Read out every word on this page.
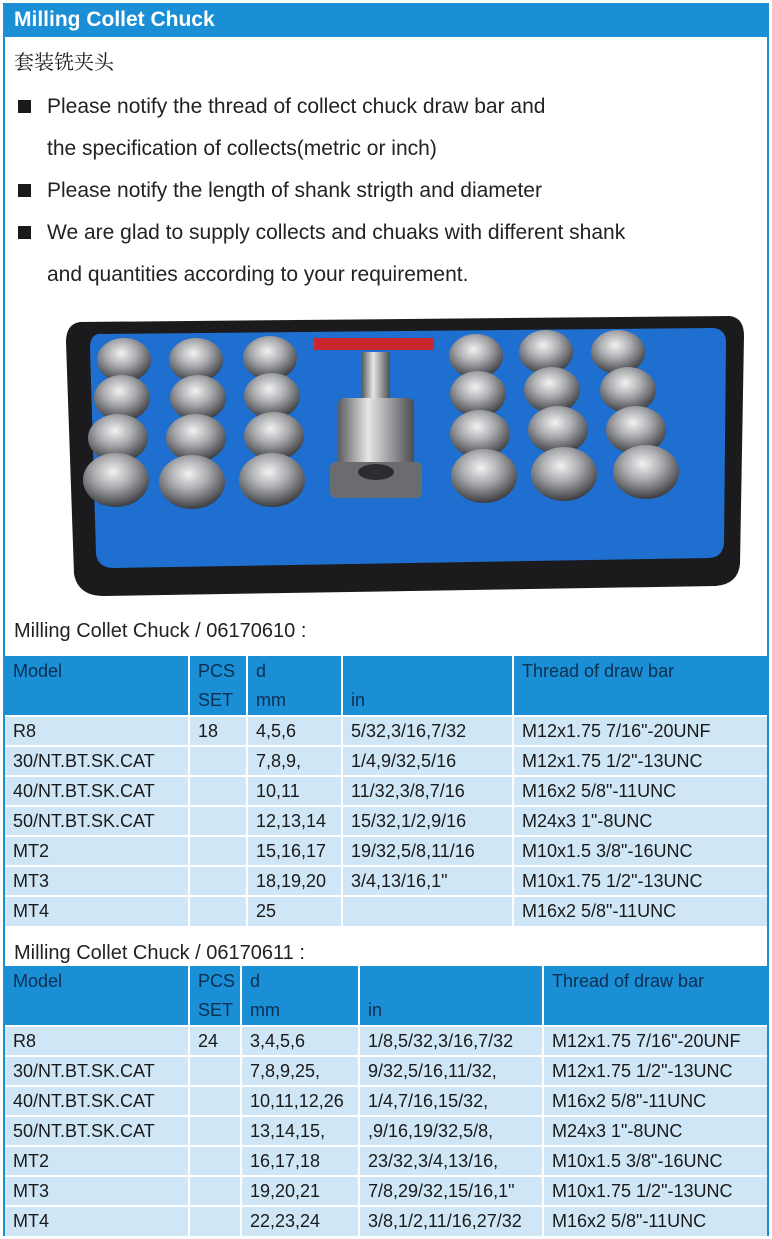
Milling Collet Chuck
套装铣夹头
Please notify the thread of collect chuck draw bar and
the specification of collects(metric or inch)
Please notify the length of shank strigth and diameter
We are glad to supply collects and chuaks with different shank
and quantities according to your requirement.
Milling Collet Chuck / 06170610 :
Model	PCS	d		Thread of draw bar
	SET	mm	in	
R8	18	4,5,6	5/32,3/16,7/32	M12x1.75 7/16"-20UNF
30/NT.BT.SK.CAT		7,8,9,	1/4,9/32,5/16	M12x1.75 1/2"-13UNC
40/NT.BT.SK.CAT		10,11	11/32,3/8,7/16	M16x2 5/8"-11UNC
50/NT.BT.SK.CAT		12,13,14	15/32,1/2,9/16	M24x3 1"-8UNC
MT2		15,16,17	19/32,5/8,11/16	M10x1.5 3/8"-16UNC
MT3		18,19,20	3/4,13/16,1"	M10x1.75 1/2"-13UNC
MT4		25		M16x2 5/8"-11UNC
Milling Collet Chuck / 06170611 :
Model	PCS	d		Thread of draw bar
	SET	mm	in	
R8	24	3,4,5,6	1/8,5/32,3/16,7/32	M12x1.75 7/16"-20UNF
30/NT.BT.SK.CAT		7,8,9,25,	9/32,5/16,11/32,	M12x1.75 1/2"-13UNC
40/NT.BT.SK.CAT		10,11,12,26	1/4,7/16,15/32,	M16x2 5/8"-11UNC
50/NT.BT.SK.CAT		13,14,15,	,9/16,19/32,5/8,	M24x3 1"-8UNC
MT2		16,17,18	23/32,3/4,13/16,	M10x1.5 3/8"-16UNC
MT3		19,20,21	7/8,29/32,15/16,1"	M10x1.75 1/2"-13UNC
MT4		22,23,24	3/8,1/2,11/16,27/32	M16x2 5/8"-11UNC
